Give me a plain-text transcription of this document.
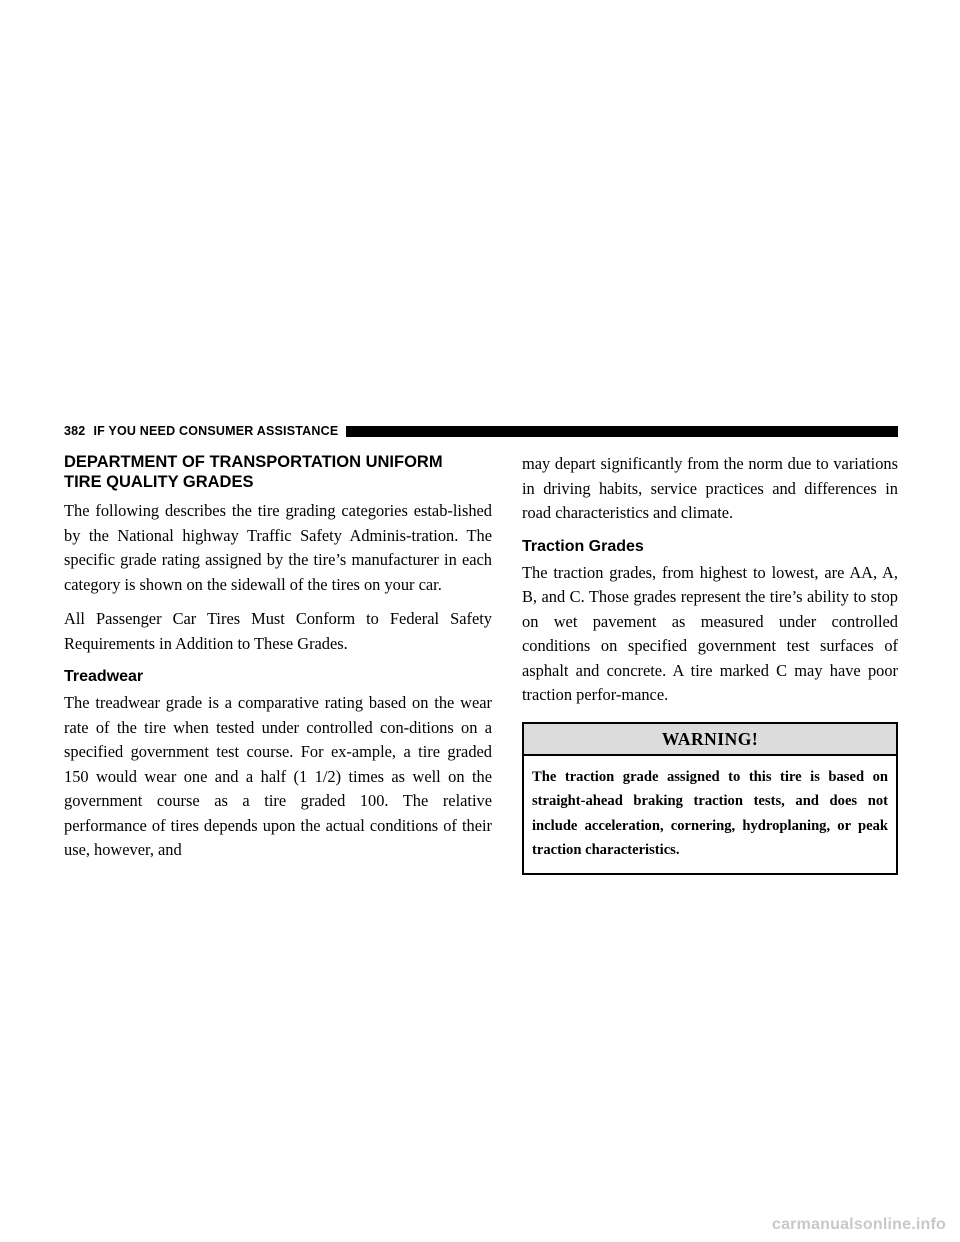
382 IF YOU NEED CONSUMER ASSISTANCE
DEPARTMENT OF TRANSPORTATION UNIFORM
TIRE QUALITY GRADES

The following describes the tire grading categories estab-lished by the National highway Traffic Safety Adminis-tration. The specific grade rating assigned by the tire’s manufacturer in each category is shown on the sidewall of the tires on your car.

All Passenger Car Tires Must Conform to Federal Safety Requirements in Addition to These Grades.

Treadwear

The treadwear grade is a comparative rating based on the wear rate of the tire when tested under controlled con-ditions on a specified government test course. For ex-ample, a tire graded 150 would wear one and a half (1 1/2) times as well on the government course as a tire graded 100. The relative performance of tires depends upon the actual conditions of their use, however, and

may depart significantly from the norm due to variations in driving habits, service practices and differences in road characteristics and climate.

Traction Grades

The traction grades, from highest to lowest, are AA, A, B, and C. Those grades represent the tire’s ability to stop on wet pavement as measured under controlled conditions on specified government test surfaces of asphalt and concrete. A tire marked C may have poor traction perfor-mance.

WARNING!
The traction grade assigned to this tire is based on straight-ahead braking traction tests, and does not include acceleration, cornering, hydroplaning, or peak traction characteristics.
carmanualsonline.info
